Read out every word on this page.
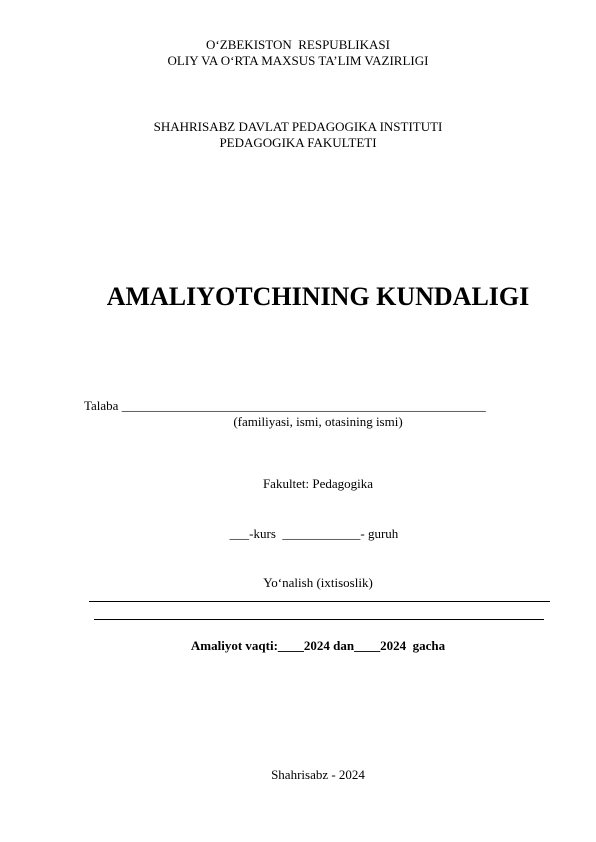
O‘ZBEKISTON  RESPUBLIKASI
OLIY VA O‘RTA MAXSUS TA’LIM VAZIRLIGI
SHAHRISABZ DAVLAT PEDAGOGIKA INSTITUTI
PEDAGOGIKA FAKULTETI
AMALIYOTCHINING KUNDALIGI
Talaba ________________________________________________________
(familiyasi, ismi, otasining ismi)
Fakultet: Pedagogika
___-kurs  ____________- guruh
Yo‘nalish (ixtisoslik)
Amaliyot vaqti:____2024 dan____2024  gacha
Shahrisabz - 2024
